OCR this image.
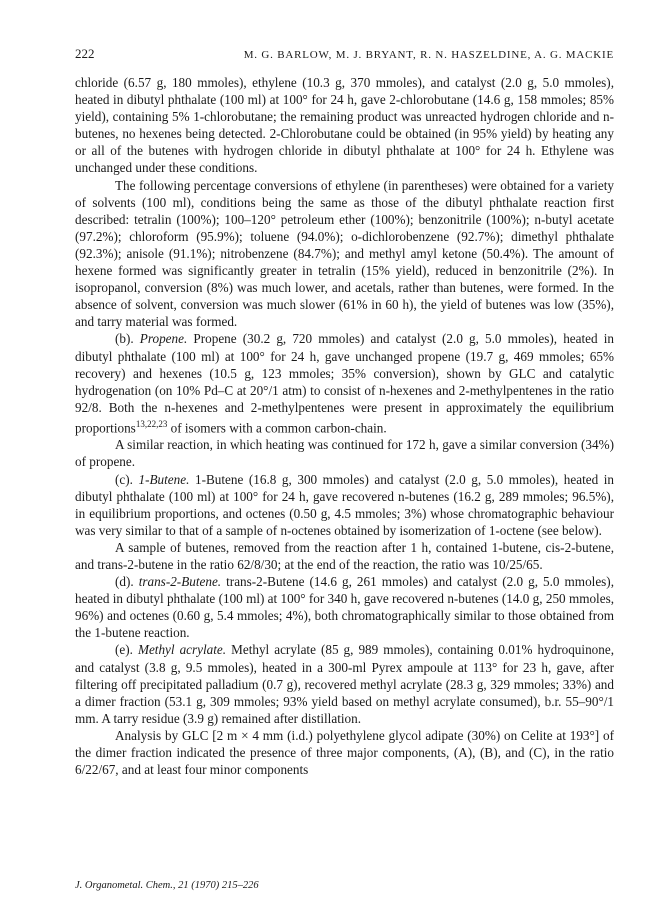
222	M. G. BARLOW, M. J. BRYANT, R. N. HASZELDINE, A. G. MACKIE

chloride (6.57 g, 180 mmoles), ethylene (10.3 g, 370 mmoles), and catalyst (2.0 g, 5.0 mmoles), heated in dibutyl phthalate (100 ml) at 100° for 24 h, gave 2-chlorobutane (14.6 g, 158 mmoles; 85% yield), containing 5% 1-chlorobutane; the remaining product was unreacted hydrogen chloride and n-butenes, no hexenes being detected. 2-Chlorobutane could be obtained (in 95% yield) by heating any or all of the butenes with hydrogen chloride in dibutyl phthalate at 100° for 24 h. Ethylene was unchanged under these conditions.

The following percentage conversions of ethylene (in parentheses) were obtained for a variety of solvents (100 ml), conditions being the same as those of the dibutyl phthalate reaction first described: tetralin (100%); 100–120° petroleum ether (100%); benzonitrile (100%); n-butyl acetate (97.2%); chloroform (95.9%); toluene (94.0%); o-dichlorobenzene (92.7%); dimethyl phthalate (92.3%); anisole (91.1%); nitrobenzene (84.7%); and methyl amyl ketone (50.4%). The amount of hexene formed was significantly greater in tetralin (15% yield), reduced in benzonitrile (2%). In isopropanol, conversion (8%) was much lower, and acetals, rather than butenes, were formed. In the absence of solvent, conversion was much slower (61% in 60 h), the yield of butenes was low (35%), and tarry material was formed.

(b). Propene. Propene (30.2 g, 720 mmoles) and catalyst (2.0 g, 5.0 mmoles), heated in dibutyl phthalate (100 ml) at 100° for 24 h, gave unchanged propene (19.7 g, 469 mmoles; 65% recovery) and hexenes (10.5 g, 123 mmoles; 35% conversion), shown by GLC and catalytic hydrogenation (on 10% Pd–C at 20°/1 atm) to consist of n-hexenes and 2-methylpentenes in the ratio 92/8. Both the n-hexenes and 2-methylpentenes were present in approximately the equilibrium proportions$^{13,22,23}$ of isomers with a common carbon-chain.

A similar reaction, in which heating was continued for 172 h, gave a similar conversion (34%) of propene.

(c). 1-Butene. 1-Butene (16.8 g, 300 mmoles) and catalyst (2.0 g, 5.0 mmoles), heated in dibutyl phthalate (100 ml) at 100° for 24 h, gave recovered n-butenes (16.2 g, 289 mmoles; 96.5%), in equilibrium proportions, and octenes (0.50 g, 4.5 mmoles; 3%) whose chromatographic behaviour was very similar to that of a sample of n-octenes obtained by isomerization of 1-octene (see below).

A sample of butenes, removed from the reaction after 1 h, contained 1-butene, cis-2-butene, and trans-2-butene in the ratio 62/8/30; at the end of the reaction, the ratio was 10/25/65.

(d). trans-2-Butene. trans-2-Butene (14.6 g, 261 mmoles) and catalyst (2.0 g, 5.0 mmoles), heated in dibutyl phthalate (100 ml) at 100° for 340 h, gave recovered n-butenes (14.0 g, 250 mmoles, 96%) and octenes (0.60 g, 5.4 mmoles; 4%), both chromatographically similar to those obtained from the 1-butene reaction.

(e). Methyl acrylate. Methyl acrylate (85 g, 989 mmoles), containing 0.01% hydroquinone, and catalyst (3.8 g, 9.5 mmoles), heated in a 300-ml Pyrex ampoule at 113° for 23 h, gave, after filtering off precipitated palladium (0.7 g), recovered methyl acrylate (28.3 g, 329 mmoles; 33%) and a dimer fraction (53.1 g, 309 mmoles; 93% yield based on methyl acrylate consumed), b.r. 55–90°/1 mm. A tarry residue (3.9 g) remained after distillation.

Analysis by GLC [2 m × 4 mm (i.d.) polyethylene glycol adipate (30%) on Celite at 193°] of the dimer fraction indicated the presence of three major components, (A), (B), and (C), in the ratio 6/22/67, and at least four minor components

J. Organometal. Chem., 21 (1970) 215–226
